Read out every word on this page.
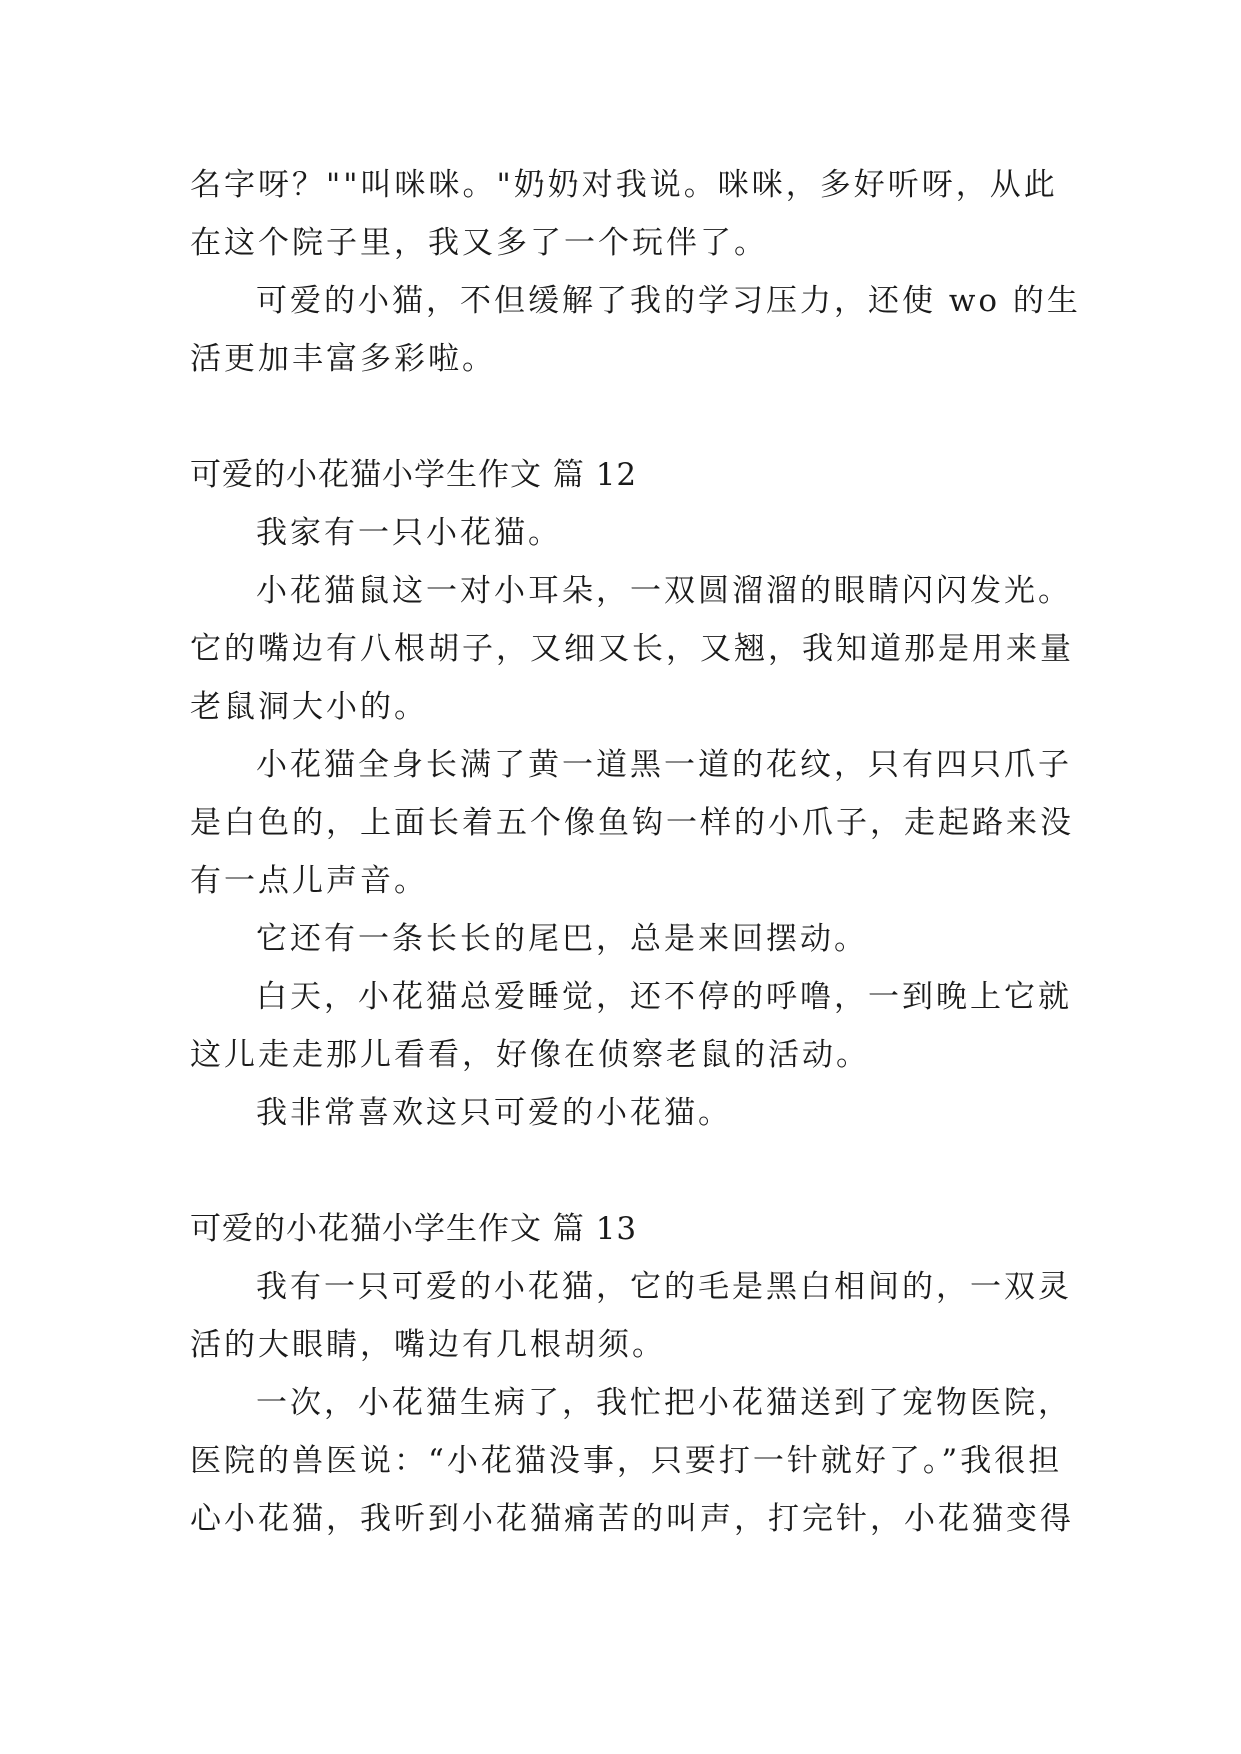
名字呀？""叫咪咪。"奶奶对我说。咪咪，多好听呀，从此
在这个院子里，我又多了一个玩伴了。
可爱的小猫，不但缓解了我的学习压力，还使 wo 的生
活更加丰富多彩啦。
可爱的小花猫小学生作文 篇 12
我家有一只小花猫。
小花猫鼠这一对小耳朵，一双圆溜溜的眼睛闪闪发光。
它的嘴边有八根胡子，又细又长，又翘，我知道那是用来量
老鼠洞大小的。
小花猫全身长满了黄一道黑一道的花纹，只有四只爪子
是白色的，上面长着五个像鱼钩一样的小爪子，走起路来没
有一点儿声音。
它还有一条长长的尾巴，总是来回摆动。
白天，小花猫总爱睡觉，还不停的呼噜，一到晚上它就
这儿走走那儿看看，好像在侦察老鼠的活动。
我非常喜欢这只可爱的小花猫。
可爱的小花猫小学生作文 篇 13
我有一只可爱的小花猫，它的毛是黑白相间的，一双灵
活的大眼睛，嘴边有几根胡须。
一次，小花猫生病了，我忙把小花猫送到了宠物医院，
医院的兽医说：“小花猫没事，只要打一针就好了。”我很担
心小花猫，我听到小花猫痛苦的叫声，打完针，小花猫变得
